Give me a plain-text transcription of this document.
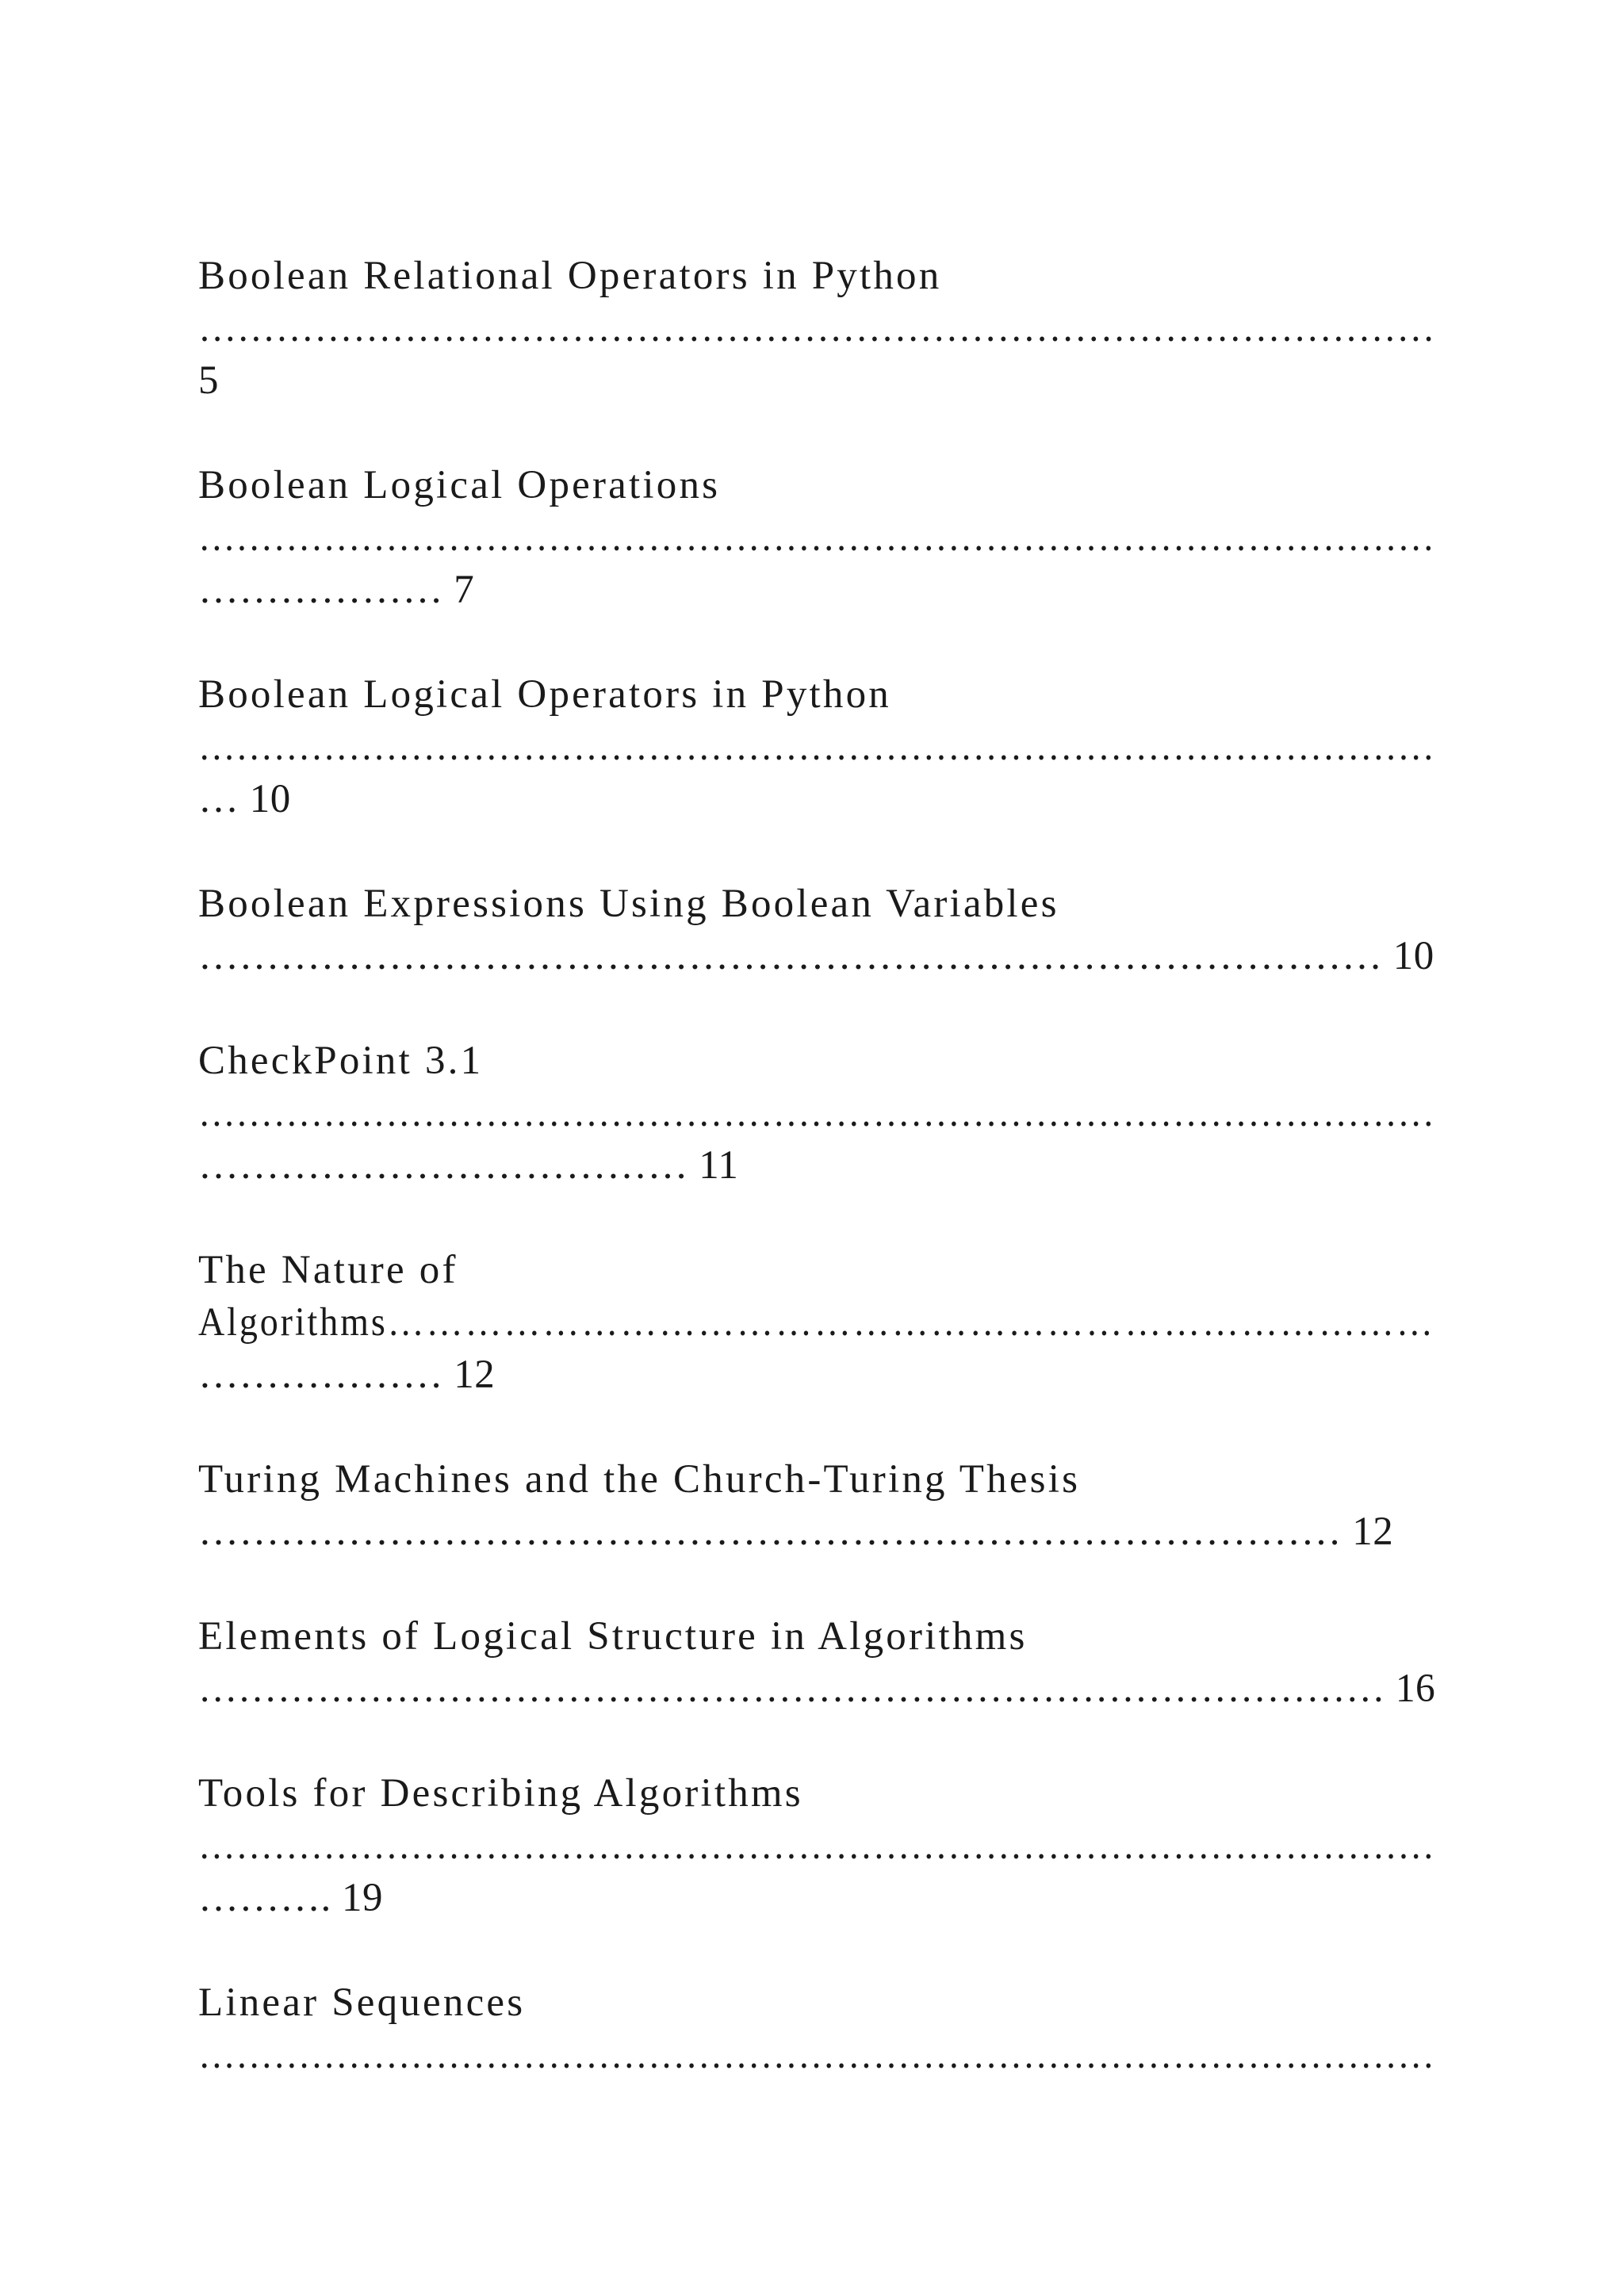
Boolean Relational Operators in Python
……………………………………………………………………………………
5
Boolean Logical Operations
………………………………………………………………………………………
……………… 7
Boolean Logical Operators in Python
………………………………………………………………………………………
… 10
Boolean Expressions Using Boolean Variables
…………………………………………………………………………… 10
CheckPoint 3.1
………………………………………………………………………………………
……………………………… 11
The Nature of
Algorithms………………………………………………………………………
……………… 12
Turing Machines and the Church-Turing Thesis
………………………………………………………………………… 12
Elements of Logical Structure in Algorithms
……………………………………………………………………………… 16
Tools for Describing Algorithms
………………………………………………………………………………………
………. 19
Linear Sequences
………………………………………………………………………………………
